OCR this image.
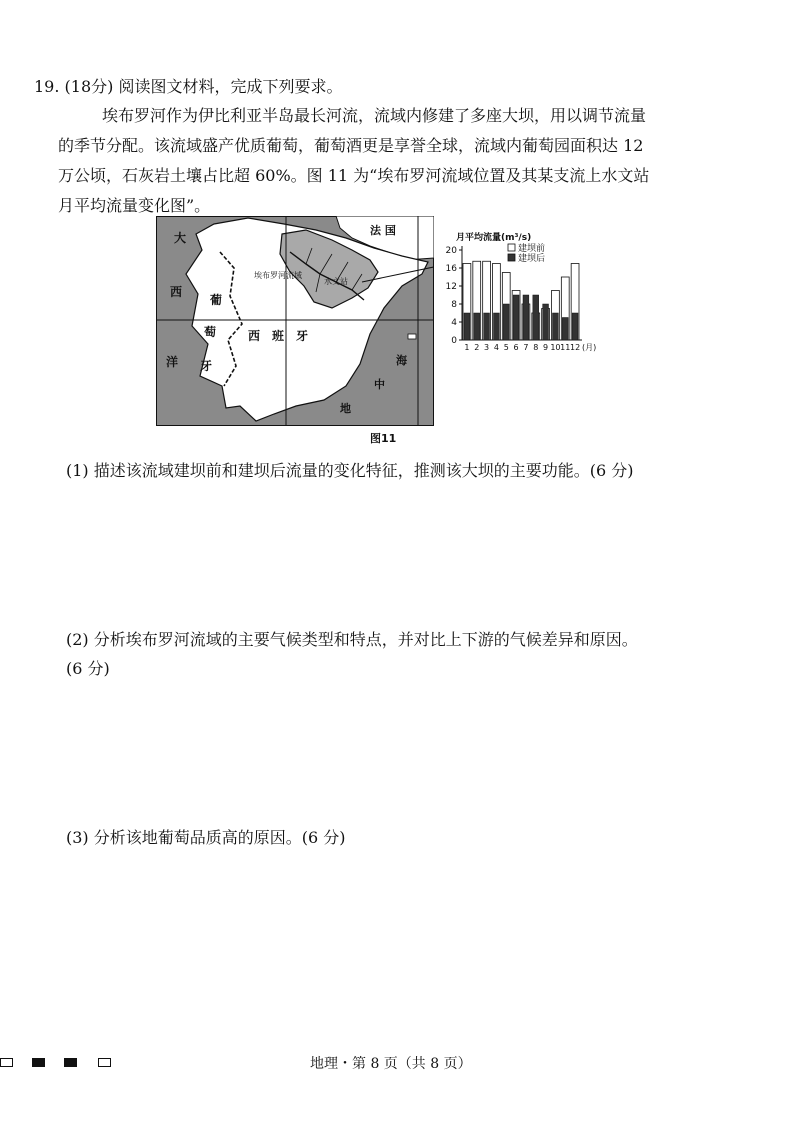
19. (18分) 阅读图文材料，完成下列要求。
埃布罗河作为伊比利亚半岛最长河流，流域内修建了多座大坝，用以调节流量
的季节分配。该流域盛产优质葡萄，葡萄酒更是享誉全球，流域内葡萄园面积达 12
万公顷，石灰岩土壤占比超 60%。图 11 为“埃布罗河流域位置及其某支流上水文站
月平均流量变化图”。
大
西
洋
葡
萄
牙
西　班　牙
法 国
埃布罗河流域
水文站
海
中
地
月平均流量(m³/s)
0
4
8
12
16
20
1 2 3 4 5 6 7 8 9 10 11 12 (月)
建坝前
建坝后
图11
(1) 描述该流域建坝前和建坝后流量的变化特征，推测该大坝的主要功能。(6 分)
(2) 分析埃布罗河流域的主要气候类型和特点，并对比上下游的气候差异和原因。
(6 分)
(3) 分析该地葡萄品质高的原因。(6 分)
地理・第 8 页（共 8 页）
